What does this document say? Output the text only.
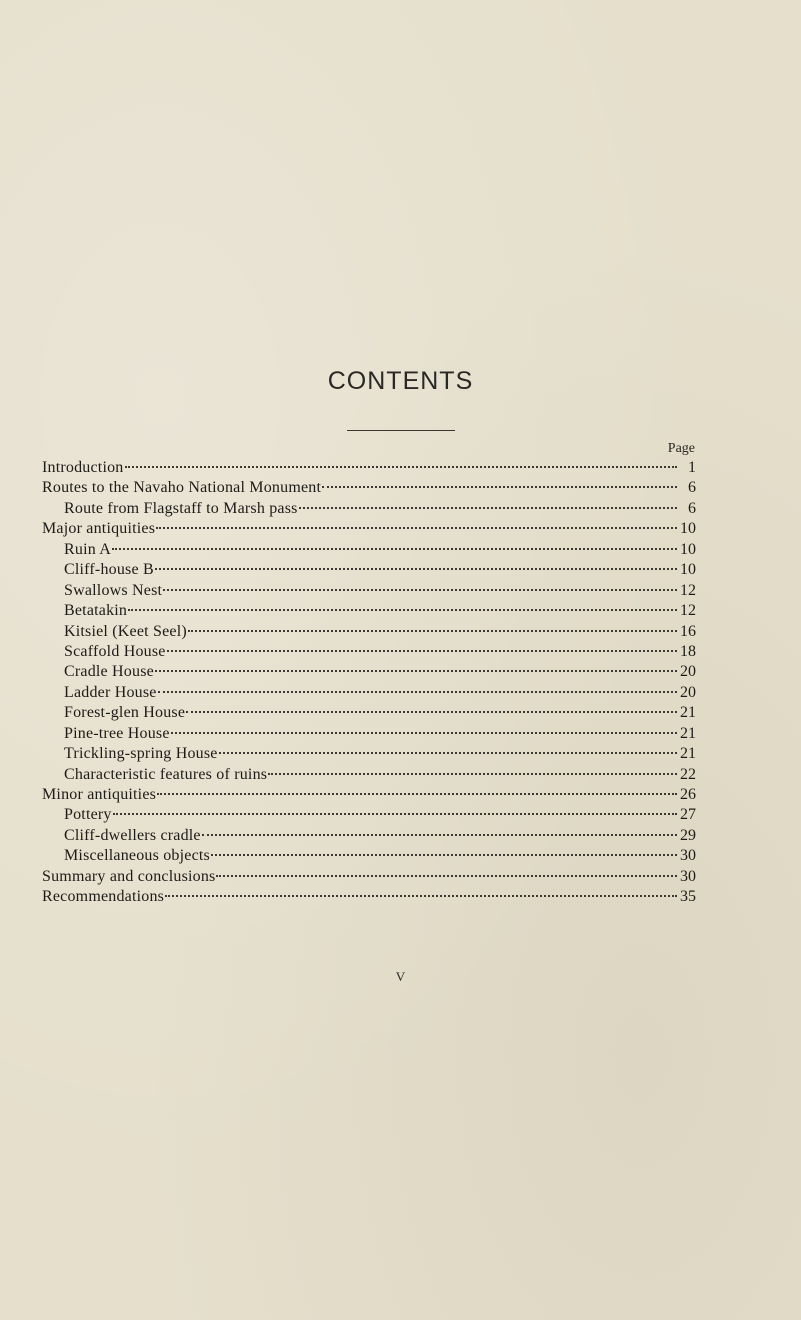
CONTENTS
Page
Introduction	1
Routes to the Navaho National Monument	6
Route from Flagstaff to Marsh pass	6
Major antiquities	10
Ruin A	10
Cliff-house B	10
Swallows Nest	12
Betatakin	12
Kitsiel (Keet Seel)	16
Scaffold House	18
Cradle House	20
Ladder House	20
Forest-glen House	21
Pine-tree House	21
Trickling-spring House	21
Characteristic features of ruins	22
Minor antiquities	26
Pottery	27
Cliff-dwellers cradle	29
Miscellaneous objects	30
Summary and conclusions	30
Recommendations	35
V
